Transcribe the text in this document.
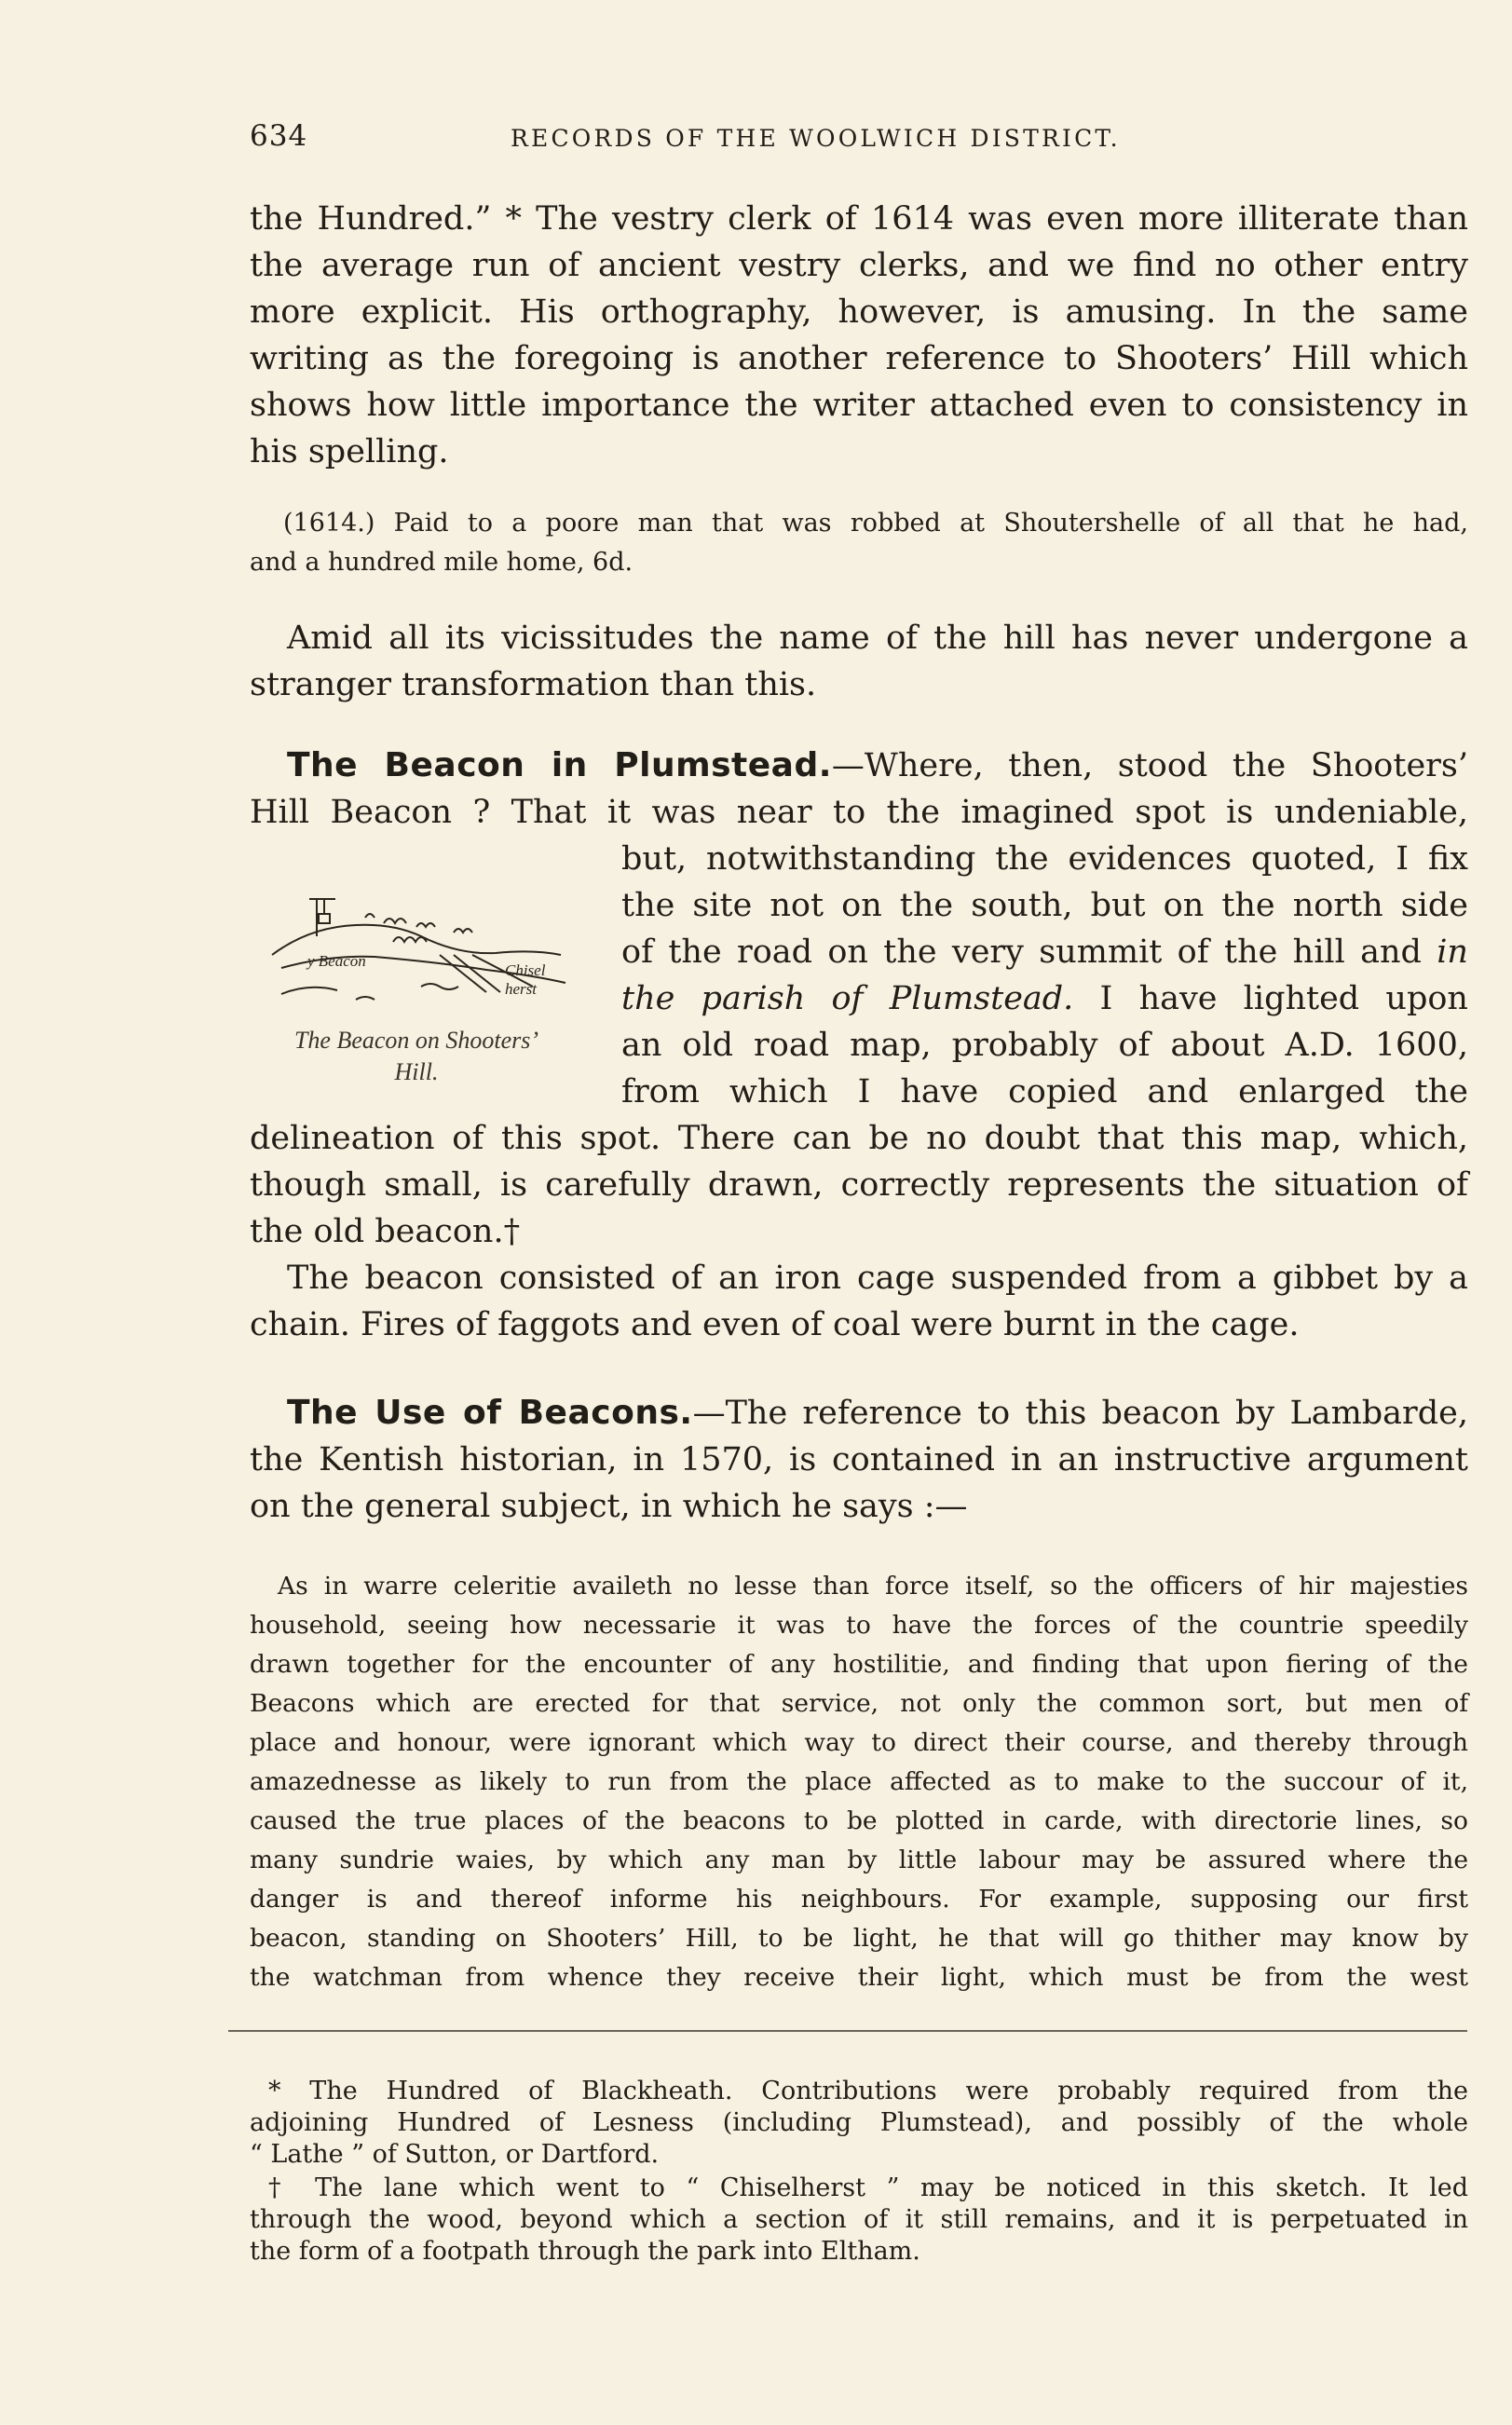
634	RECORDS OF THE WOOLWICH DISTRICT.
the Hundred.” * The vestry clerk of 1614 was even more illiterate than
the average run of ancient vestry clerks, and we find no other entry
more explicit. His orthography, however, is amusing. In the same
writing as the foregoing is another reference to Shooters’ Hill which
shows how little importance the writer attached even to consistency in
his spelling.
(1614.) Paid to a poore man that was robbed at Shoutershelle of all that he had,
and a hundred mile home, 6d.
Amid all its vicissitudes the name of the hill has never undergone a
stranger transformation than this.
The Beacon in Plumstead.—Where, then, stood the Shooters’
Hill Beacon ? That it was near to the imagined spot is undeniable,
but, notwithstanding the evidences quoted, I fix
the site not on the south, but on the north side
of the road on the very summit of the hill and in
the parish of Plumstead. I have lighted upon
an old road map, probably of about A.D. 1600,
from which I have copied and enlarged the
delineation of this spot. There can be no doubt that this map, which,
though small, is carefully drawn, correctly represents the situation of
the old beacon.†
The beacon consisted of an iron cage suspended from a gibbet by a
chain. Fires of faggots and even of coal were burnt in the cage.
y Beacon
Chisel
herst
The Beacon on Shooters’
Hill.
The Use of Beacons.—The reference to this beacon by Lambarde,
the Kentish historian, in 1570, is contained in an instructive argument
on the general subject, in which he says :—
As in warre celeritie availeth no lesse than force itself, so the officers of hir majesties
household, seeing how necessarie it was to have the forces of the countrie speedily
drawn together for the encounter of any hostilitie, and finding that upon fiering of the
Beacons which are erected for that service, not only the common sort, but men of
place and honour, were ignorant which way to direct their course, and thereby through
amazednesse as likely to run from the place affected as to make to the succour of it,
caused the true places of the beacons to be plotted in carde, with directorie lines, so
many sundrie waies, by which any man by little labour may be assured where the
danger is and thereof informe his neighbours. For example, supposing our first
beacon, standing on Shooters’ Hill, to be light, he that will go thither may know by
the watchman from whence they receive their light, which must be from the west
* The Hundred of Blackheath. Contributions were probably required from the
adjoining Hundred of Lesness (including Plumstead), and possibly of the whole
“ Lathe ” of Sutton, or Dartford.
† The lane which went to “ Chiselherst ” may be noticed in this sketch. It led
through the wood, beyond which a section of it still remains, and it is perpetuated in
the form of a footpath through the park into Eltham.
